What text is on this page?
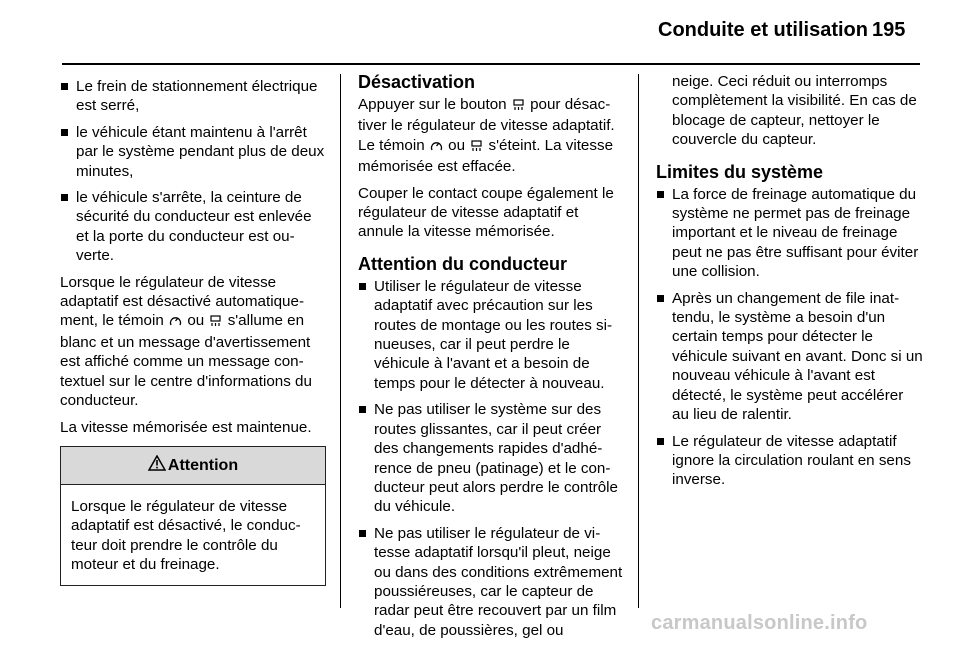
Conduite et utilisation 195
Le frein de stationnement électrique est serré,
le véhicule étant maintenu à l'arrêt par le système pendant plus de deux minutes,
le véhicule s'arrête, la ceinture de sécurité du conducteur est enlevée et la porte du conducteur est ouverte.

Lorsque le régulateur de vitesse adaptatif est désactivé automatiquement, le témoin ou s'allume en blanc et un message d'avertissement est affiché comme un message contextuel sur le centre d'informations du conducteur.

La vitesse mémorisée est maintenue.

Attention
Lorsque le régulateur de vitesse adaptatif est désactivé, le conducteur doit prendre le contrôle du moteur et du freinage.
Désactivation

Appuyer sur le bouton pour désactiver le régulateur de vitesse adaptatif. Le témoin ou s'éteint. La vitesse mémorisée est effacée.

Couper le contact coupe également le régulateur de vitesse adaptatif et annule la vitesse mémorisée.

Attention du conducteur
Utiliser le régulateur de vitesse adaptatif avec précaution sur les routes de montage ou les routes sinueuses, car il peut perdre le véhicule à l'avant et a besoin de temps pour le détecter à nouveau.
Ne pas utiliser le système sur des routes glissantes, car il peut créer des changements rapides d'adhérence de pneu (patinage) et le conducteur peut alors perdre le contrôle du véhicule.
Ne pas utiliser le régulateur de vitesse adaptatif lorsqu'il pleut, neige ou dans des conditions extrêmement poussiéreuses, car le capteur de radar peut être recouvert par un film d'eau, de poussières, gel ou

neige. Ceci réduit ou interromps complètement la visibilité. En cas de blocage de capteur, nettoyer le couvercle du capteur.

Limites du système
La force de freinage automatique du système ne permet pas de freinage important et le niveau de freinage peut ne pas être suffisant pour éviter une collision.
Après un changement de file inattendu, le système a besoin d'un certain temps pour détecter le véhicule suivant en avant. Donc si un nouveau véhicule à l'avant est détecté, le système peut accélérer au lieu de ralentir.
Le régulateur de vitesse adaptatif ignore la circulation roulant en sens inverse.
carmanualsonline.info
